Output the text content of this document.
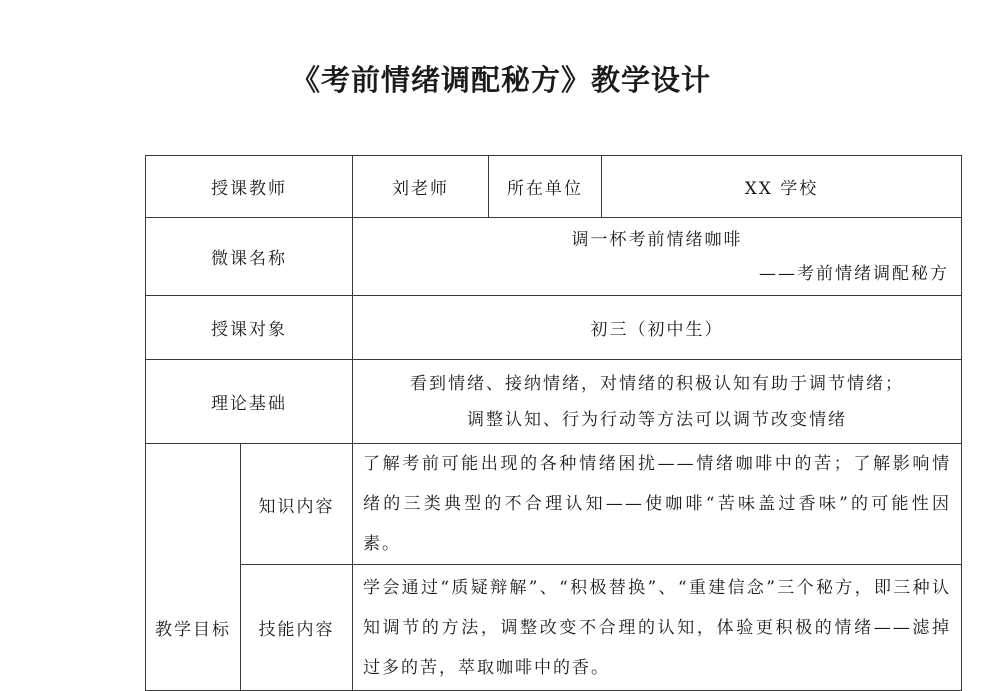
《考前情绪调配秘方》教学设计
授课教师		刘老师	所在单位	XX 学校
微课名称		调一杯考前情绪咖啡
——考前情绪调配秘方		

授课对象		初三（初中生）		
理论基础		看到情绪、接纳情绪，对情绪的积极认知有助于调节情绪；
调整认知、行为行动等方法可以调节改变情绪		

教学目标	知识内容	了解考前可能出现的各种情绪困扰——情绪咖啡中的苦；了解影响情绪的三类典型的不合理认知——使咖啡“苦味盖过香味”的可能性因素。		
	技能内容	学会通过“质疑辩解”、“积极替换”、“重建信念”三个秘方，即三种认知调节的方法，调整改变不合理的认知，体验更积极的情绪——滤掉过多的苦，萃取咖啡中的香。		
